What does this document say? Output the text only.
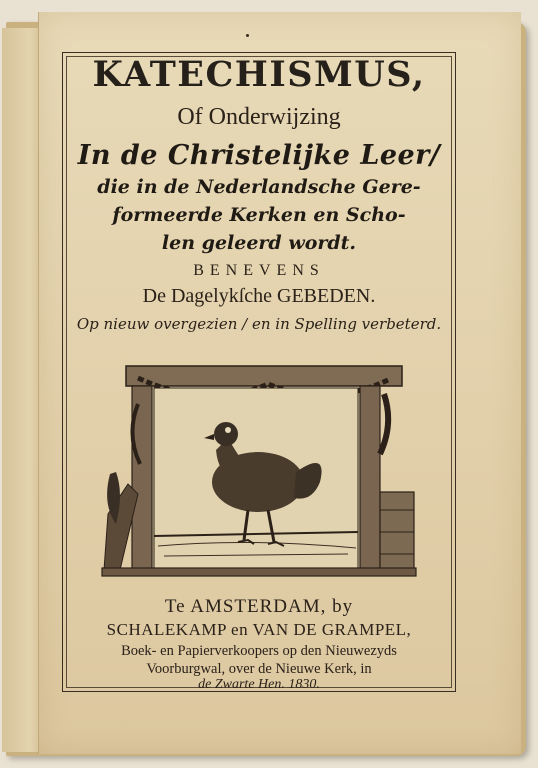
KATECHISMUS,
Of Onderwijzing
In de Christelijke Leer/
die in de Nederlandsche Gere-
formeerde Kerken en Scho-
len geleerd wordt.
BENEVENS
De Dagelykſche GEBEDEN.
Op nieuw overgezien / en in Spelling verbeterd.
Te AMSTERDAM, by
SCHALEKAMP en VAN DE GRAMPEL,
Boek- en Papierverkoopers op den Nieuwezyds
Voorburgwal, over de Nieuwe Kerk, in
de Zwarte Hen. 1830.
